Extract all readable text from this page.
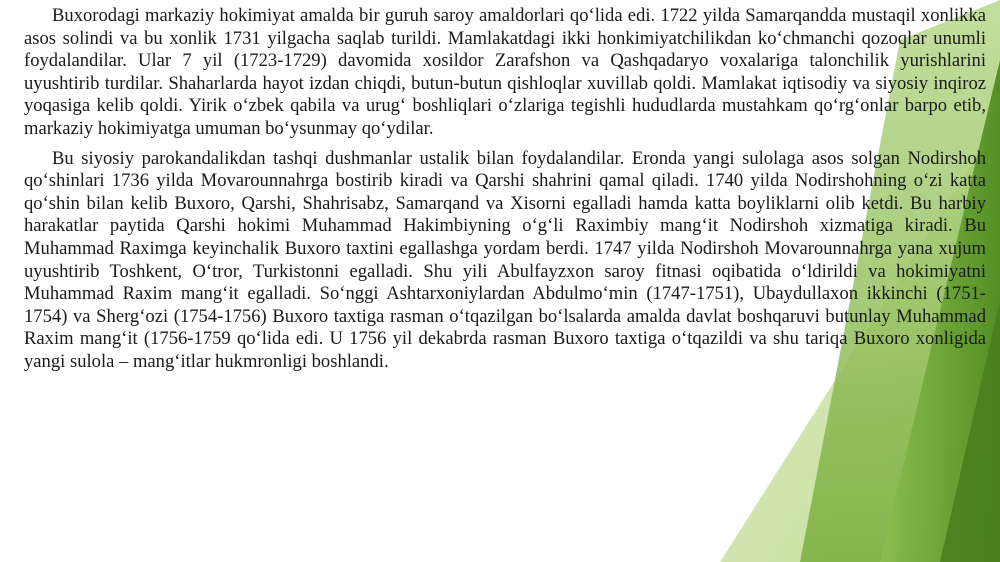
Buxorodagi markaziy hokimiyat amalda bir guruh saroy amaldorlari qo‘lida edi. 1722 yilda Samarqandda mustaqil xonlikka asos solindi va bu xonlik 1731 yilgacha saqlab turildi. Mamlakatdagi ikki honkimiyatchilikdan ko‘chmanchi qozoqlar unumli foydalandilar. Ular 7 yil (1723-1729) davomida xosildor Zarafshon va Qashqadaryo voxalariga talonchilik yurishlarini uyushtirib turdilar. Shaharlarda hayot izdan chiqdi, butun-butun qishloqlar xuvillab qoldi. Mamlakat iqtisodiy va siyosiy inqiroz yoqasiga kelib qoldi. Yirik o‘zbek qabila va urug‘ boshliqlari o‘zlariga tegishli hududlarda mustahkam qo‘rg‘onlar barpo etib, markaziy hokimiyatga umuman bo‘ysunmay qo‘ydilar.

Bu siyosiy parokandalikdan tashqi dushmanlar ustalik bilan foydalandilar. Eronda yangi sulolaga asos solgan Nodirshoh qo‘shinlari 1736 yilda Movarounnahrga bostirib kiradi va Qarshi shahrini qamal qiladi. 1740 yilda Nodirshohning o‘zi katta qo‘shin bilan kelib Buxoro, Qarshi, Shahrisabz, Samarqand va Xisorni egalladi hamda katta boyliklarni olib ketdi. Bu harbiy harakatlar paytida Qarshi hokimi Muhammad Hakimbiyning o‘g‘li Raximbiy mang‘it Nodirshoh xizmatiga kiradi. Bu Muhammad Raximga keyinchalik Buxoro taxtini egallashga yordam berdi. 1747 yilda Nodirshoh Movarounnahrga yana xujum uyushtirib Toshkent, O‘tror, Turkistonni egalladi. Shu yili Abulfayzxon saroy fitnasi oqibatida o‘ldirildi va hokimiyatni Muhammad Raxim mang‘it egalladi. So‘nggi Ashtarxoniylardan Abdulmo‘min (1747-1751), Ubaydullaxon ikkinchi (1751-1754) va Sherg‘ozi (1754-1756) Buxoro taxtiga rasman o‘tqazilgan bo‘lsalarda amalda davlat boshqaruvi butunlay Muhammad Raxim mang‘it (1756-1759 qo‘lida edi. U 1756 yil dekabrda rasman Buxoro taxtiga o‘tqazildi va shu tariqa Buxoro xonligida yangi sulola – mang‘itlar hukmronligi boshlandi.
